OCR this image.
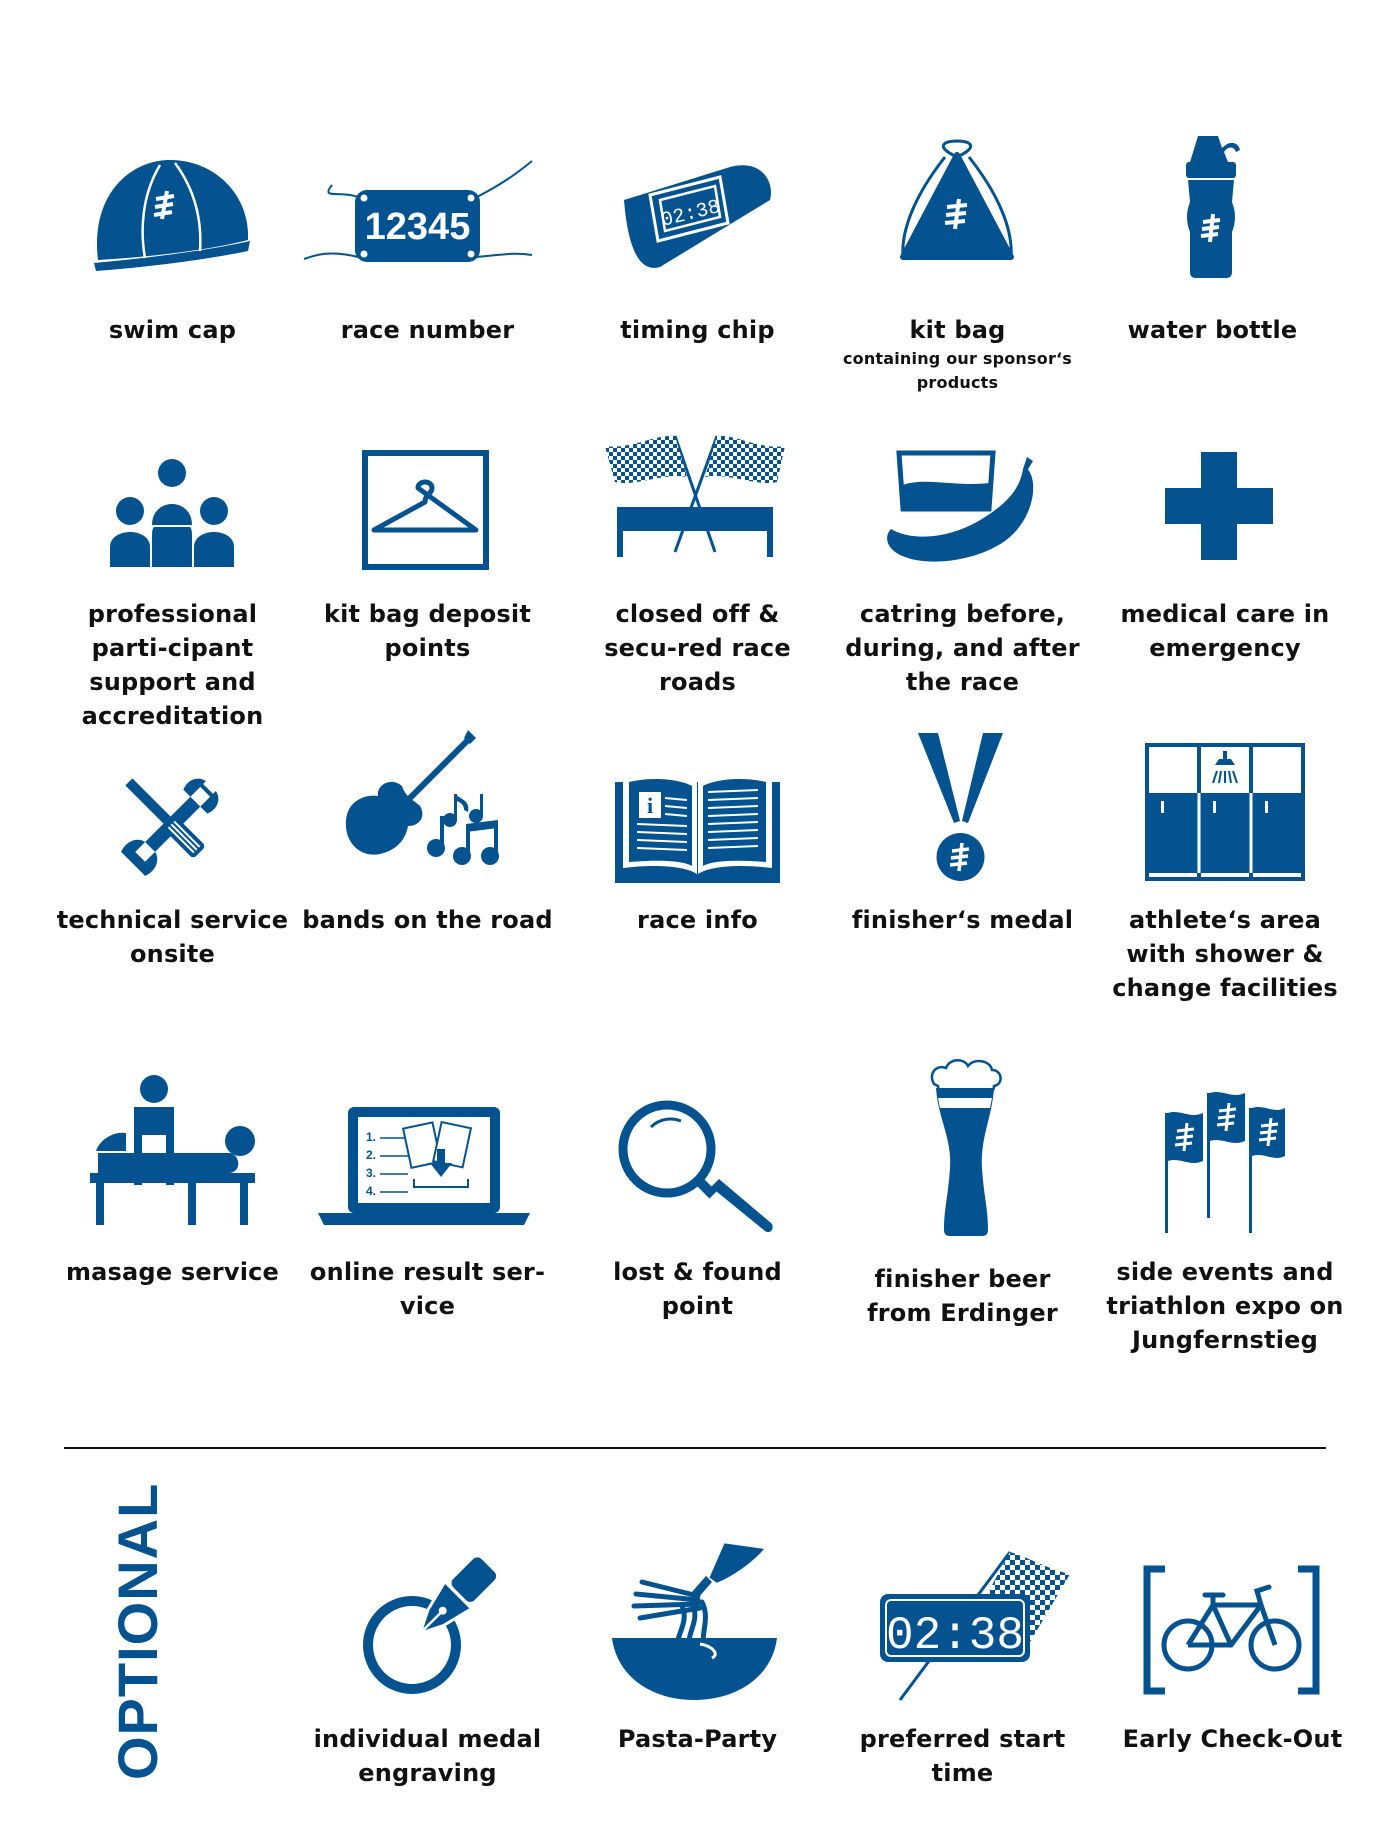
swim cap
12345
race number
02:38
timing chip	kit bag
containing our sponsor‘s products
water bottle
professional parti-cipant support and accreditation
kit bag deposit points
closed off & secu-red race roads
catring before, during, and after the race
medical care in emergency
technical service onsite
bands on the road
i
race info	finisher‘s medal	athlete‘s area with shower & change facilities
masage service
1.
2.
3.
4.
online result ser-vice
lost & found point
finisher beer from Erdinger
side events and triathlon expo on Jungfernstieg
OPTIONAL	individual medal engraving
Pasta-Party
02:38
preferred start time
Early Check-Out
